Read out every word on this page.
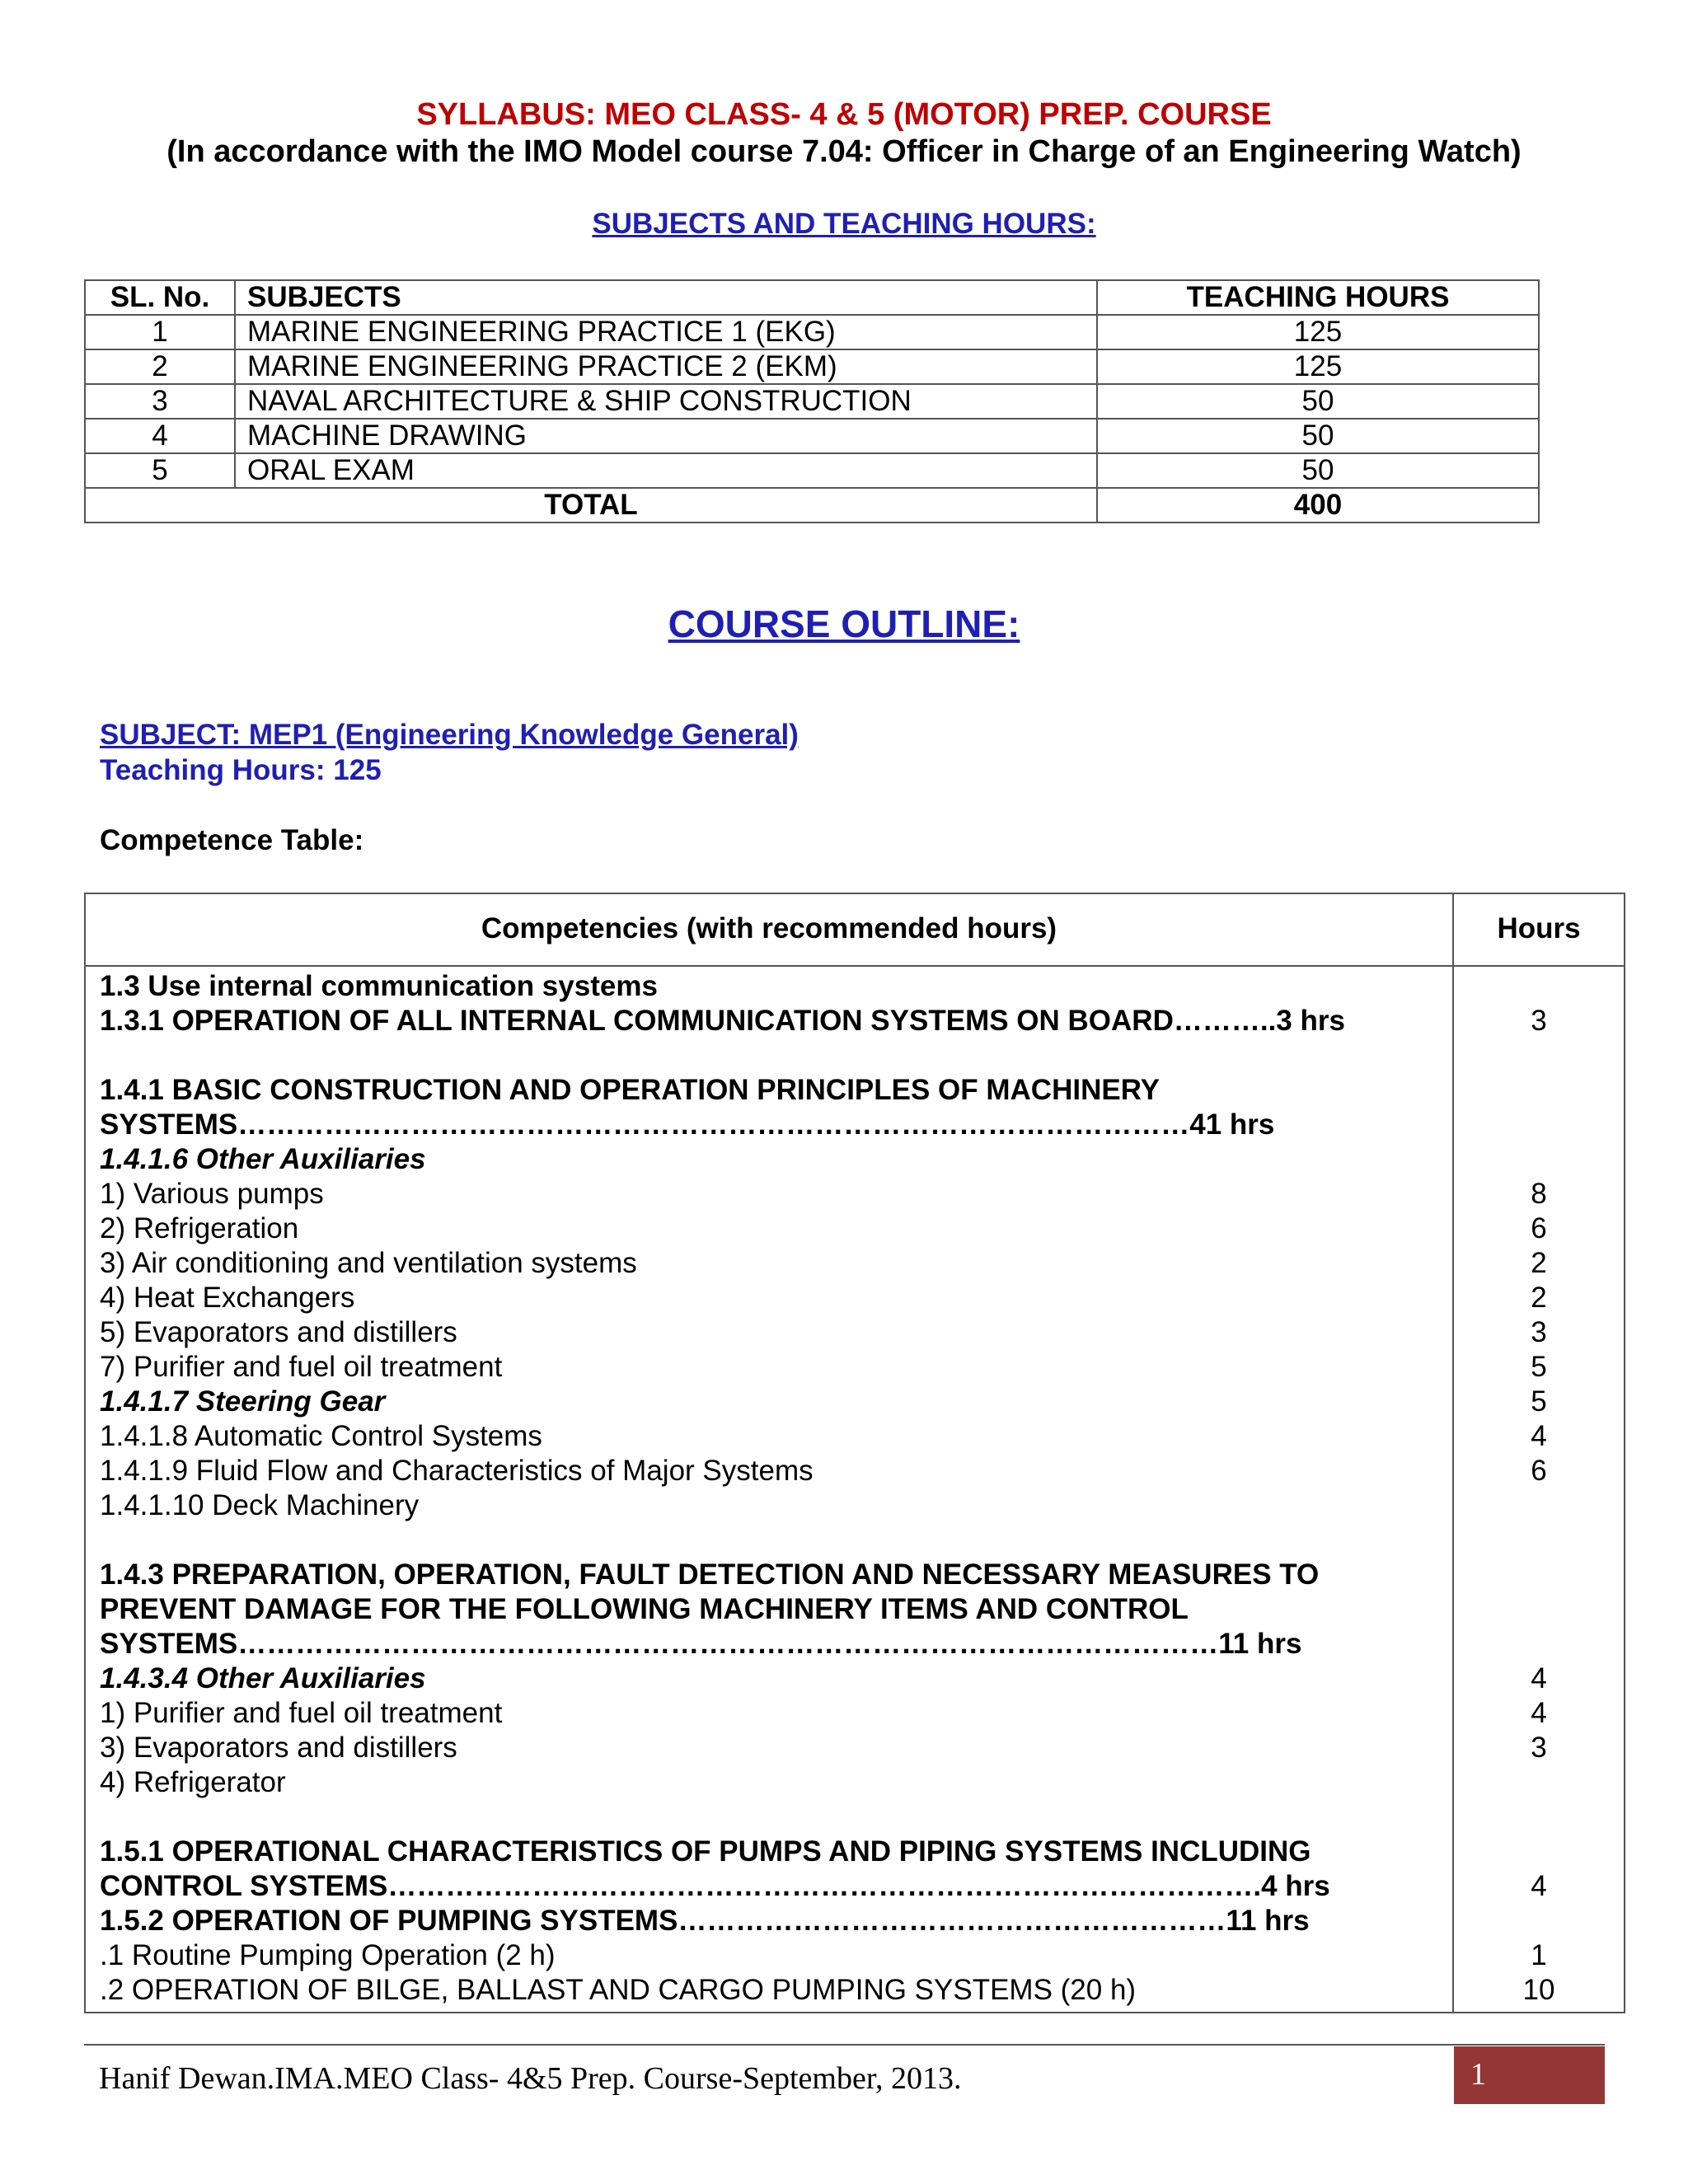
SYLLABUS: MEO CLASS- 4 & 5 (MOTOR) PREP. COURSE
(In accordance with the IMO Model course 7.04: Officer in Charge of an Engineering Watch)
SUBJECTS AND TEACHING HOURS:
SL. No.	SUBJECTS	TEACHING HOURS
1	MARINE ENGINEERING PRACTICE 1 (EKG)	125
2	MARINE ENGINEERING PRACTICE 2 (EKM)	125
3	NAVAL ARCHITECTURE & SHIP CONSTRUCTION	50
4	MACHINE DRAWING	50
5	ORAL EXAM	50
TOTAL		400
COURSE OUTLINE:
SUBJECT: MEP1 (Engineering Knowledge General)
Teaching Hours: 125
Competence Table:
Competencies (with recommended hours)	Hours
1.3 Use internal communication systems
1.3.1 OPERATION OF ALL INTERNAL COMMUNICATION SYSTEMS ON BOARD………..3 hrs	3
1.4.1 BASIC CONSTRUCTION AND OPERATION PRINCIPLES OF MACHINERY
SYSTEMS………………………………………………………………………………………41 hrs
1.4.1.6 Other Auxiliaries
1) Various pumps	8
2) Refrigeration	6
3) Air conditioning and ventilation systems	2
4) Heat Exchangers	2
5) Evaporators and distillers	3
7) Purifier and fuel oil treatment	5
1.4.1.7 Steering Gear	5
1.4.1.8 Automatic Control Systems	4
1.4.1.9 Fluid Flow and Characteristics of Major Systems	6
1.4.1.10 Deck Machinery
1.4.3 PREPARATION, OPERATION, FAULT DETECTION AND NECESSARY MEASURES TO
PREVENT DAMAGE FOR THE FOLLOWING MACHINERY ITEMS AND CONTROL
SYSTEMS…………………………………………………………………………………………11 hrs
1.4.3.4 Other Auxiliaries	4
1) Purifier and fuel oil treatment	4
3) Evaporators and distillers	3
4) Refrigerator
1.5.1 OPERATIONAL CHARACTERISTICS OF PUMPS AND PIPING SYSTEMS INCLUDING
CONTROL SYSTEMS……………………………………………………………………………….4 hrs	4
1.5.2 OPERATION OF PUMPING SYSTEMS…………………………………………………11 hrs
.1 Routine Pumping Operation (2 h)	1
.2 OPERATION OF BILGE, BALLAST AND CARGO PUMPING SYSTEMS (20 h)	10
Hanif Dewan.IMA.MEO Class- 4&5 Prep. Course-September, 2013.	1
